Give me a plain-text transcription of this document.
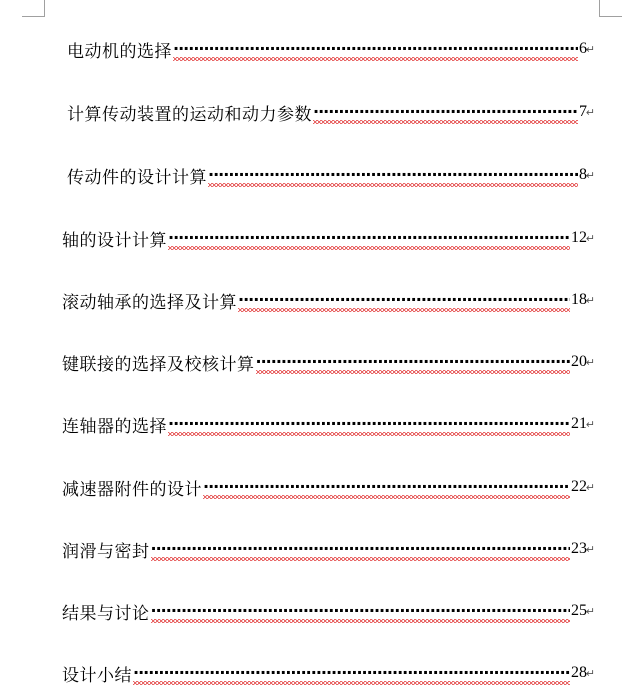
电动机的选择 ·····	6
↵
计算传动装置的运动和动力参数 ·····	7
↵
传动件的设计计算 ·····	8
↵
轴的设计计算 ·····	12
↵
滚动轴承的选择及计算 ·····	18
↵
键联接的选择及校核计算 ·····	20
↵
连轴器的选择 ·····	21
↵
减速器附件的设计 ·····	22
↵
润滑与密封 ·····	23
↵
结果与讨论 ·····	25
↵
设计小结 ·····	28
↵
